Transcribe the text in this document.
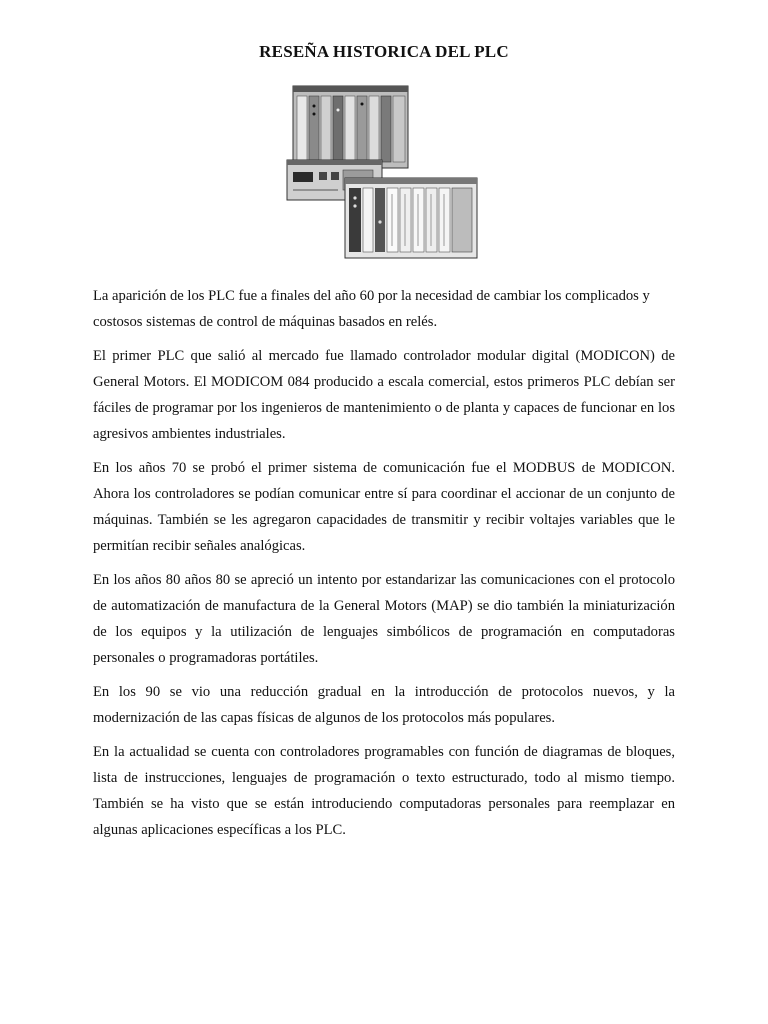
RESEÑA HISTORICA DEL PLC

La aparición de los PLC fue a finales del año 60 por la necesidad de cambiar los complicados y costosos sistemas de control de máquinas basados en relés.

El primer PLC que salió al mercado fue llamado controlador modular digital (MODICON) de General Motors. El MODICOM 084 producido a escala comercial, estos primeros PLC debían ser fáciles de programar por los ingenieros de mantenimiento o de planta y capaces de funcionar en los agresivos ambientes industriales.

En los años 70 se probó el primer sistema de comunicación fue el MODBUS de MODICON. Ahora los controladores se podían comunicar entre sí para coordinar el accionar de un conjunto de máquinas. También se les agregaron capacidades de transmitir y recibir voltajes variables que le permitían recibir señales analógicas.

En los años 80 años 80 se apreció un intento por estandarizar las comunicaciones con el protocolo de automatización de manufactura de la General Motors (MAP) se dio también la miniaturización de los equipos y la utilización de lenguajes simbólicos de programación en computadoras personales o programadoras portátiles.

En los 90 se vio una reducción gradual en la introducción de protocolos nuevos, y la modernización de las capas físicas de algunos de los protocolos más populares.

En la actualidad se cuenta con controladores programables con función de diagramas de bloques, lista de instrucciones, lenguajes de programación o texto estructurado, todo al mismo tiempo. También se ha visto que se están introduciendo computadoras personales para reemplazar en algunas aplicaciones específicas a los PLC.
